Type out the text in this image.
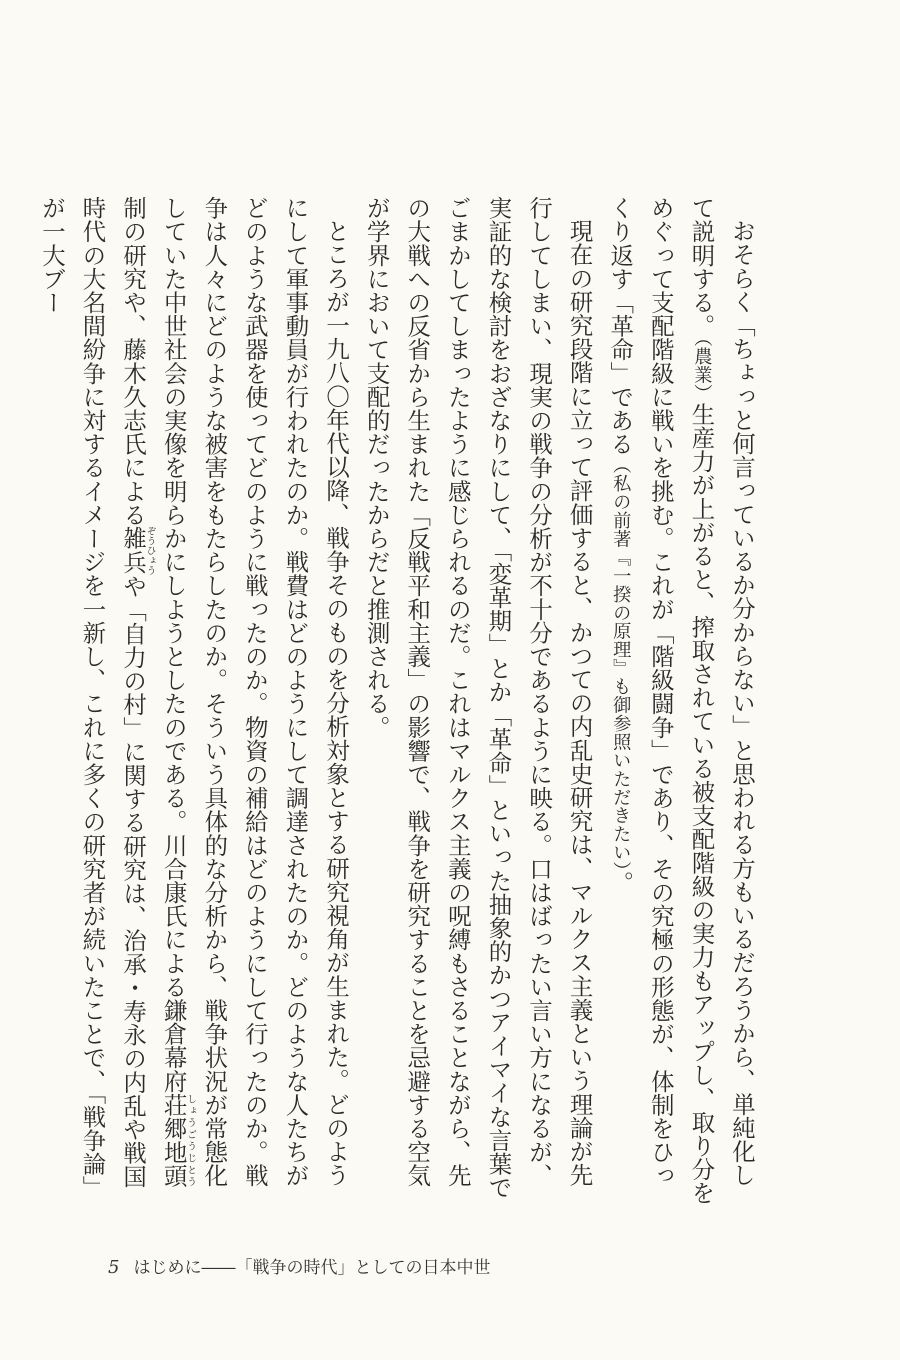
おそらく「ちょっと何言っているか分からない」と思われる方もいるだろうから、単純化して説明する。（農業）生産力が上がると、搾取されている被支配階級の実力もアップし、取り分をめぐって支配階級に戦いを挑む。これが「階級闘争」であり、その究極の形態が、体制をひっくり返す「革命」である（私の前著『一揆の原理』も御参照いただきたい）。

現在の研究段階に立って評価すると、かつての内乱史研究は、マルクス主義という理論が先行してしまい、現実の戦争の分析が不十分であるように映る。口はばったい言い方になるが、実証的な検討をおざなりにして、「変革期」とか「革命」といった抽象的かつアイマイな言葉でごまかしてしまったように感じられるのだ。これはマルクス主義の呪縛もさることながら、先の大戦への反省から生まれた「反戦平和主義」の影響で、戦争を研究することを忌避する空気が学界において支配的だったからだと推測される。

ところが一九八〇年代以降、戦争そのものを分析対象とする研究視角が生まれた。どのようにして軍事動員が行われたのか。戦費はどのようにして調達されたのか。どのような人たちがどのような武器を使ってどのように戦ったのか。物資の補給はどのようにして行ったのか。戦争は人々にどのような被害をもたらしたのか。そういう具体的な分析から、戦争状況が常態化していた中世社会の実像を明らかにしようとしたのである。川合康氏による鎌倉幕府荘郷地頭しょうごうじとう制の研究や、藤木久志氏による雑兵ぞうひょうや「自力の村」に関する研究は、治承・寿永の内乱や戦国時代の大名間紛争に対するイメージを一新し、これに多くの研究者が続いたことで、「戦争論」が一大ブー

5 はじめに――「戦争の時代」としての日本中世
